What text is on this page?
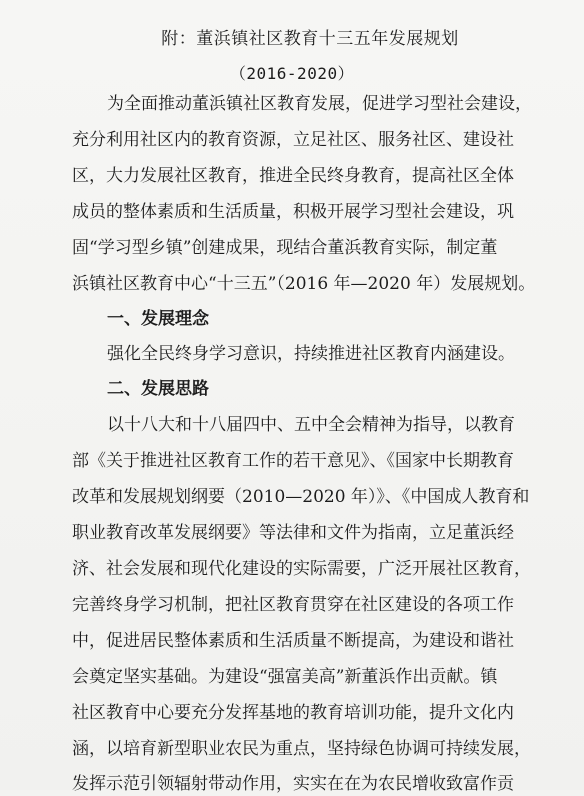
附：董浜镇社区教育十三五年发展规划
（2016-2020）
为全面推动董浜镇社区教育发展，促进学习型社会建设，
充分利用社区内的教育资源，立足社区、服务社区、建设社
区，大力发展社区教育，推进全民终身教育，提高社区全体
成员的整体素质和生活质量，积极开展学习型社会建设，巩
固“学习型乡镇”创建成果，现结合董浜教育实际，制定董
浜镇社区教育中心“十三五”（2016 年—2020 年）发展规划。
一、发展理念
强化全民终身学习意识，持续推进社区教育内涵建设。
二、发展思路
以十八大和十八届四中、五中全会精神为指导，以教育
部《关于推进社区教育工作的若干意见》、《国家中长期教育
改革和发展规划纲要（2010—2020 年）》、《中国成人教育和
职业教育改革发展纲要》等法律和文件为指南，立足董浜经
济、社会发展和现代化建设的实际需要，广泛开展社区教育，
完善终身学习机制，把社区教育贯穿在社区建设的各项工作
中，促进居民整体素质和生活质量不断提高，为建设和谐社
会奠定坚实基础。为建设“强富美高”新董浜作出贡献。镇
社区教育中心要充分发挥基地的教育培训功能，提升文化内
涵，以培育新型职业农民为重点，坚持绿色协调可持续发展，
发挥示范引领辐射带动作用，实实在在为农民增收致富作贡
